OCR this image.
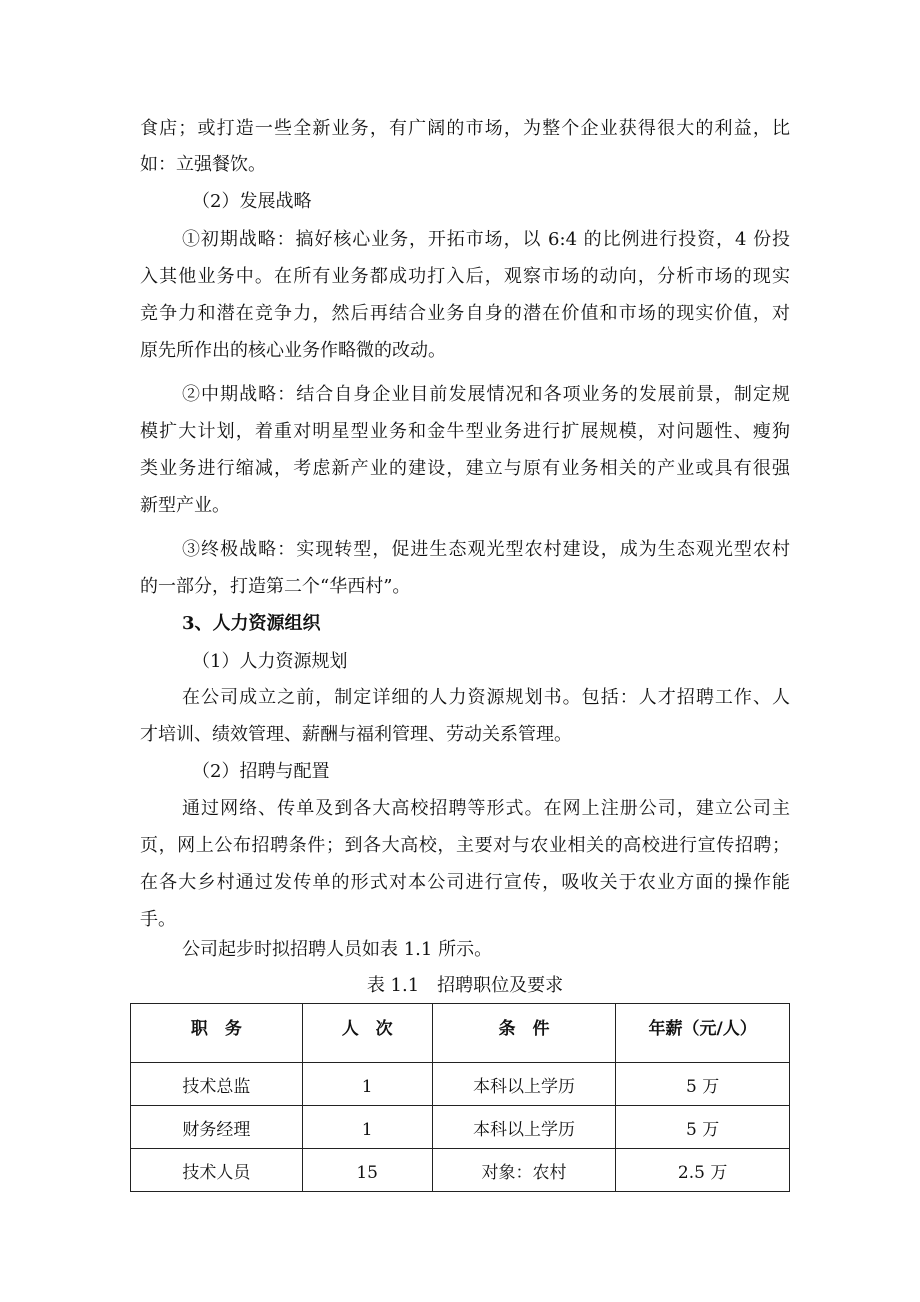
食店；或打造一些全新业务，有广阔的市场，为整个企业获得很大的利益，比
如：立强餐饮。
（2）发展战略
①初期战略：搞好核心业务，开拓市场，以 6:4 的比例进行投资，4 份投
入其他业务中。在所有业务都成功打入后，观察市场的动向，分析市场的现实
竞争力和潜在竞争力，然后再结合业务自身的潜在价值和市场的现实价值，对
原先所作出的核心业务作略微的改动。
②中期战略：结合自身企业目前发展情况和各项业务的发展前景，制定规
模扩大计划，着重对明星型业务和金牛型业务进行扩展规模，对问题性、瘦狗
类业务进行缩减，考虑新产业的建设，建立与原有业务相关的产业或具有很强
新型产业。
③终极战略：实现转型，促进生态观光型农村建设，成为生态观光型农村
的一部分，打造第二个“华西村”。
3、人力资源组织
（1）人力资源规划
在公司成立之前，制定详细的人力资源规划书。包括：人才招聘工作、人
才培训、绩效管理、薪酬与福利管理、劳动关系管理。
（2）招聘与配置
通过网络、传单及到各大高校招聘等形式。在网上注册公司，建立公司主
页，网上公布招聘条件；到各大高校，主要对与农业相关的高校进行宣传招聘；
在各大乡村通过发传单的形式对本公司进行宣传，吸收关于农业方面的操作能
手。
公司起步时拟招聘人员如表 1.1 所示。
表 1.1　招聘职位及要求
职　务	人　次	条　件	年薪（元/人）
技术总监	1	本科以上学历	5 万
财务经理	1	本科以上学历	5 万
技术人员	15	对象：农村	2.5 万
